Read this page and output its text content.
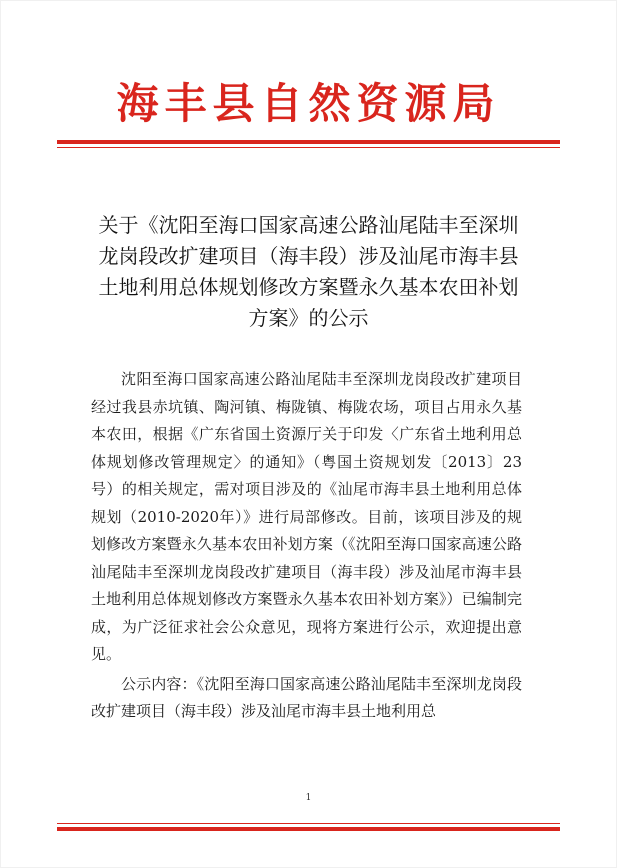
海丰县自然资源局
关于《沈阳至海口国家高速公路汕尾陆丰至深圳龙岗段改扩建项目（海丰段）涉及汕尾市海丰县土地利用总体规划修改方案暨永久基本农田补划方案》的公示

沈阳至海口国家高速公路汕尾陆丰至深圳龙岗段改扩建项目经过我县赤坑镇、陶河镇、梅陇镇、梅陇农场，项目占用永久基本农田，根据《广东省国土资源厅关于印发〈广东省土地利用总体规划修改管理规定〉的通知》（粤国土资规划发〔2013〕23号）的相关规定，需对项目涉及的《汕尾市海丰县土地利用总体规划（2010-2020年）》进行局部修改。目前，该项目涉及的规划修改方案暨永久基本农田补划方案（《沈阳至海口国家高速公路汕尾陆丰至深圳龙岗段改扩建项目（海丰段）涉及汕尾市海丰县土地利用总体规划修改方案暨永久基本农田补划方案》）已编制完成，为广泛征求社会公众意见，现将方案进行公示，欢迎提出意见。

公示内容：《沈阳至海口国家高速公路汕尾陆丰至深圳龙岗段改扩建项目（海丰段）涉及汕尾市海丰县土地利用总

1
